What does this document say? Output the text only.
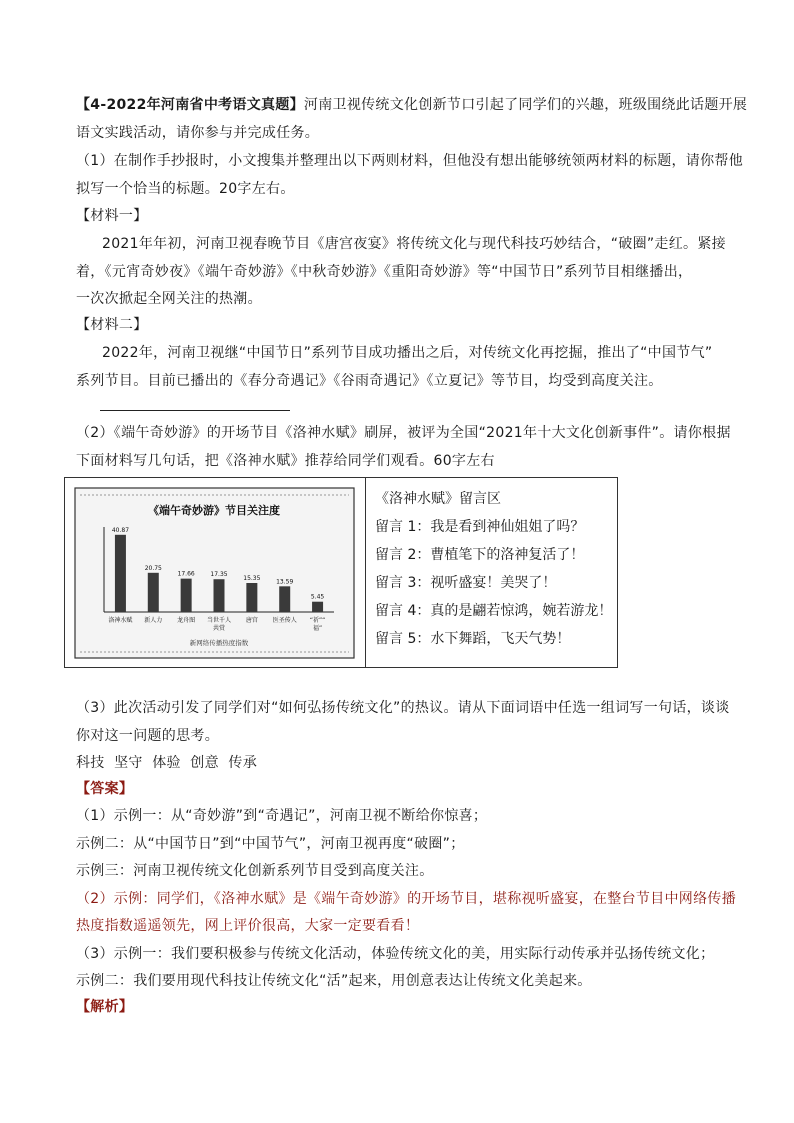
【4-2022年河南省中考语文真题】河南卫视传统文化创新节口引起了同学们的兴趣，班级围绕此话题开展
语文实践活动，请你参与并完成任务。
（1）在制作手抄报时，小文搜集并整理出以下两则材料，但他没有想出能够统领两材料的标题，请你帮他
拟写一个恰当的标题。20字左右。
【材料一】
2021年年初，河南卫视春晚节目《唐宫夜宴》将传统文化与现代科技巧妙结合，“破圈”走红。紧接
着，《元宵奇妙夜》《端午奇妙游》《中秋奇妙游》《重阳奇妙游》等“中国节日”系列节目相继播出，
一次次掀起全网关注的热潮。
【材料二】
2022年，河南卫视继“中国节日”系列节目成功播出之后，对传统文化再挖掘，推出了“中国节气”
系列节目。目前已播出的《春分奇遇记》《谷雨奇遇记》《立夏记》等节目，均受到高度关注。
（2）《端午奇妙游》的开场节目《洛神水赋》刷屏，被评为全国“2021年十大文化创新事件”。请你根据
下面材料写几句话，把《洛神水赋》推荐给同学们观看。60字左右
《端午奇妙游》节目关注度
40.87
洛神水赋
20.75
新人力
17.66
龙舟图
17.35
当世千人
共赏
15.35
唐宫
13.59
医圣传人
5.45
“祈”“
福”
新网络传播热度指数
《洛神水赋》留言区
留言 1：我是看到神仙姐姐了吗？
留言 2：曹植笔下的洛神复活了！
留言 3：视听盛宴！美哭了！
留言 4：真的是翩若惊鸿，婉若游龙！
留言 5：水下舞蹈，飞天气势！
（3）此次活动引发了同学们对“如何弘扬传统文化”的热议。请从下面词语中任选一组词写一句话，谈谈
你对这一问题的思考。
科技  坚守  体验  创意  传承
【答案】
（1）示例一：从“奇妙游”到“奇遇记”，河南卫视不断给你惊喜；
示例二：从“中国节日”到“中国节气”，河南卫视再度“破圈”；
示例三：河南卫视传统文化创新系列节目受到高度关注。
（2）示例：同学们，《洛神水赋》是《端午奇妙游》的开场节目，堪称视听盛宴，在整台节目中网络传播
热度指数遥遥领先，网上评价很高，大家一定要看看！
（3）示例一：我们要积极参与传统文化活动，体验传统文化的美，用实际行动传承并弘扬传统文化；
示例二：我们要用现代科技让传统文化“活”起来，用创意表达让传统文化美起来。
【解析】
